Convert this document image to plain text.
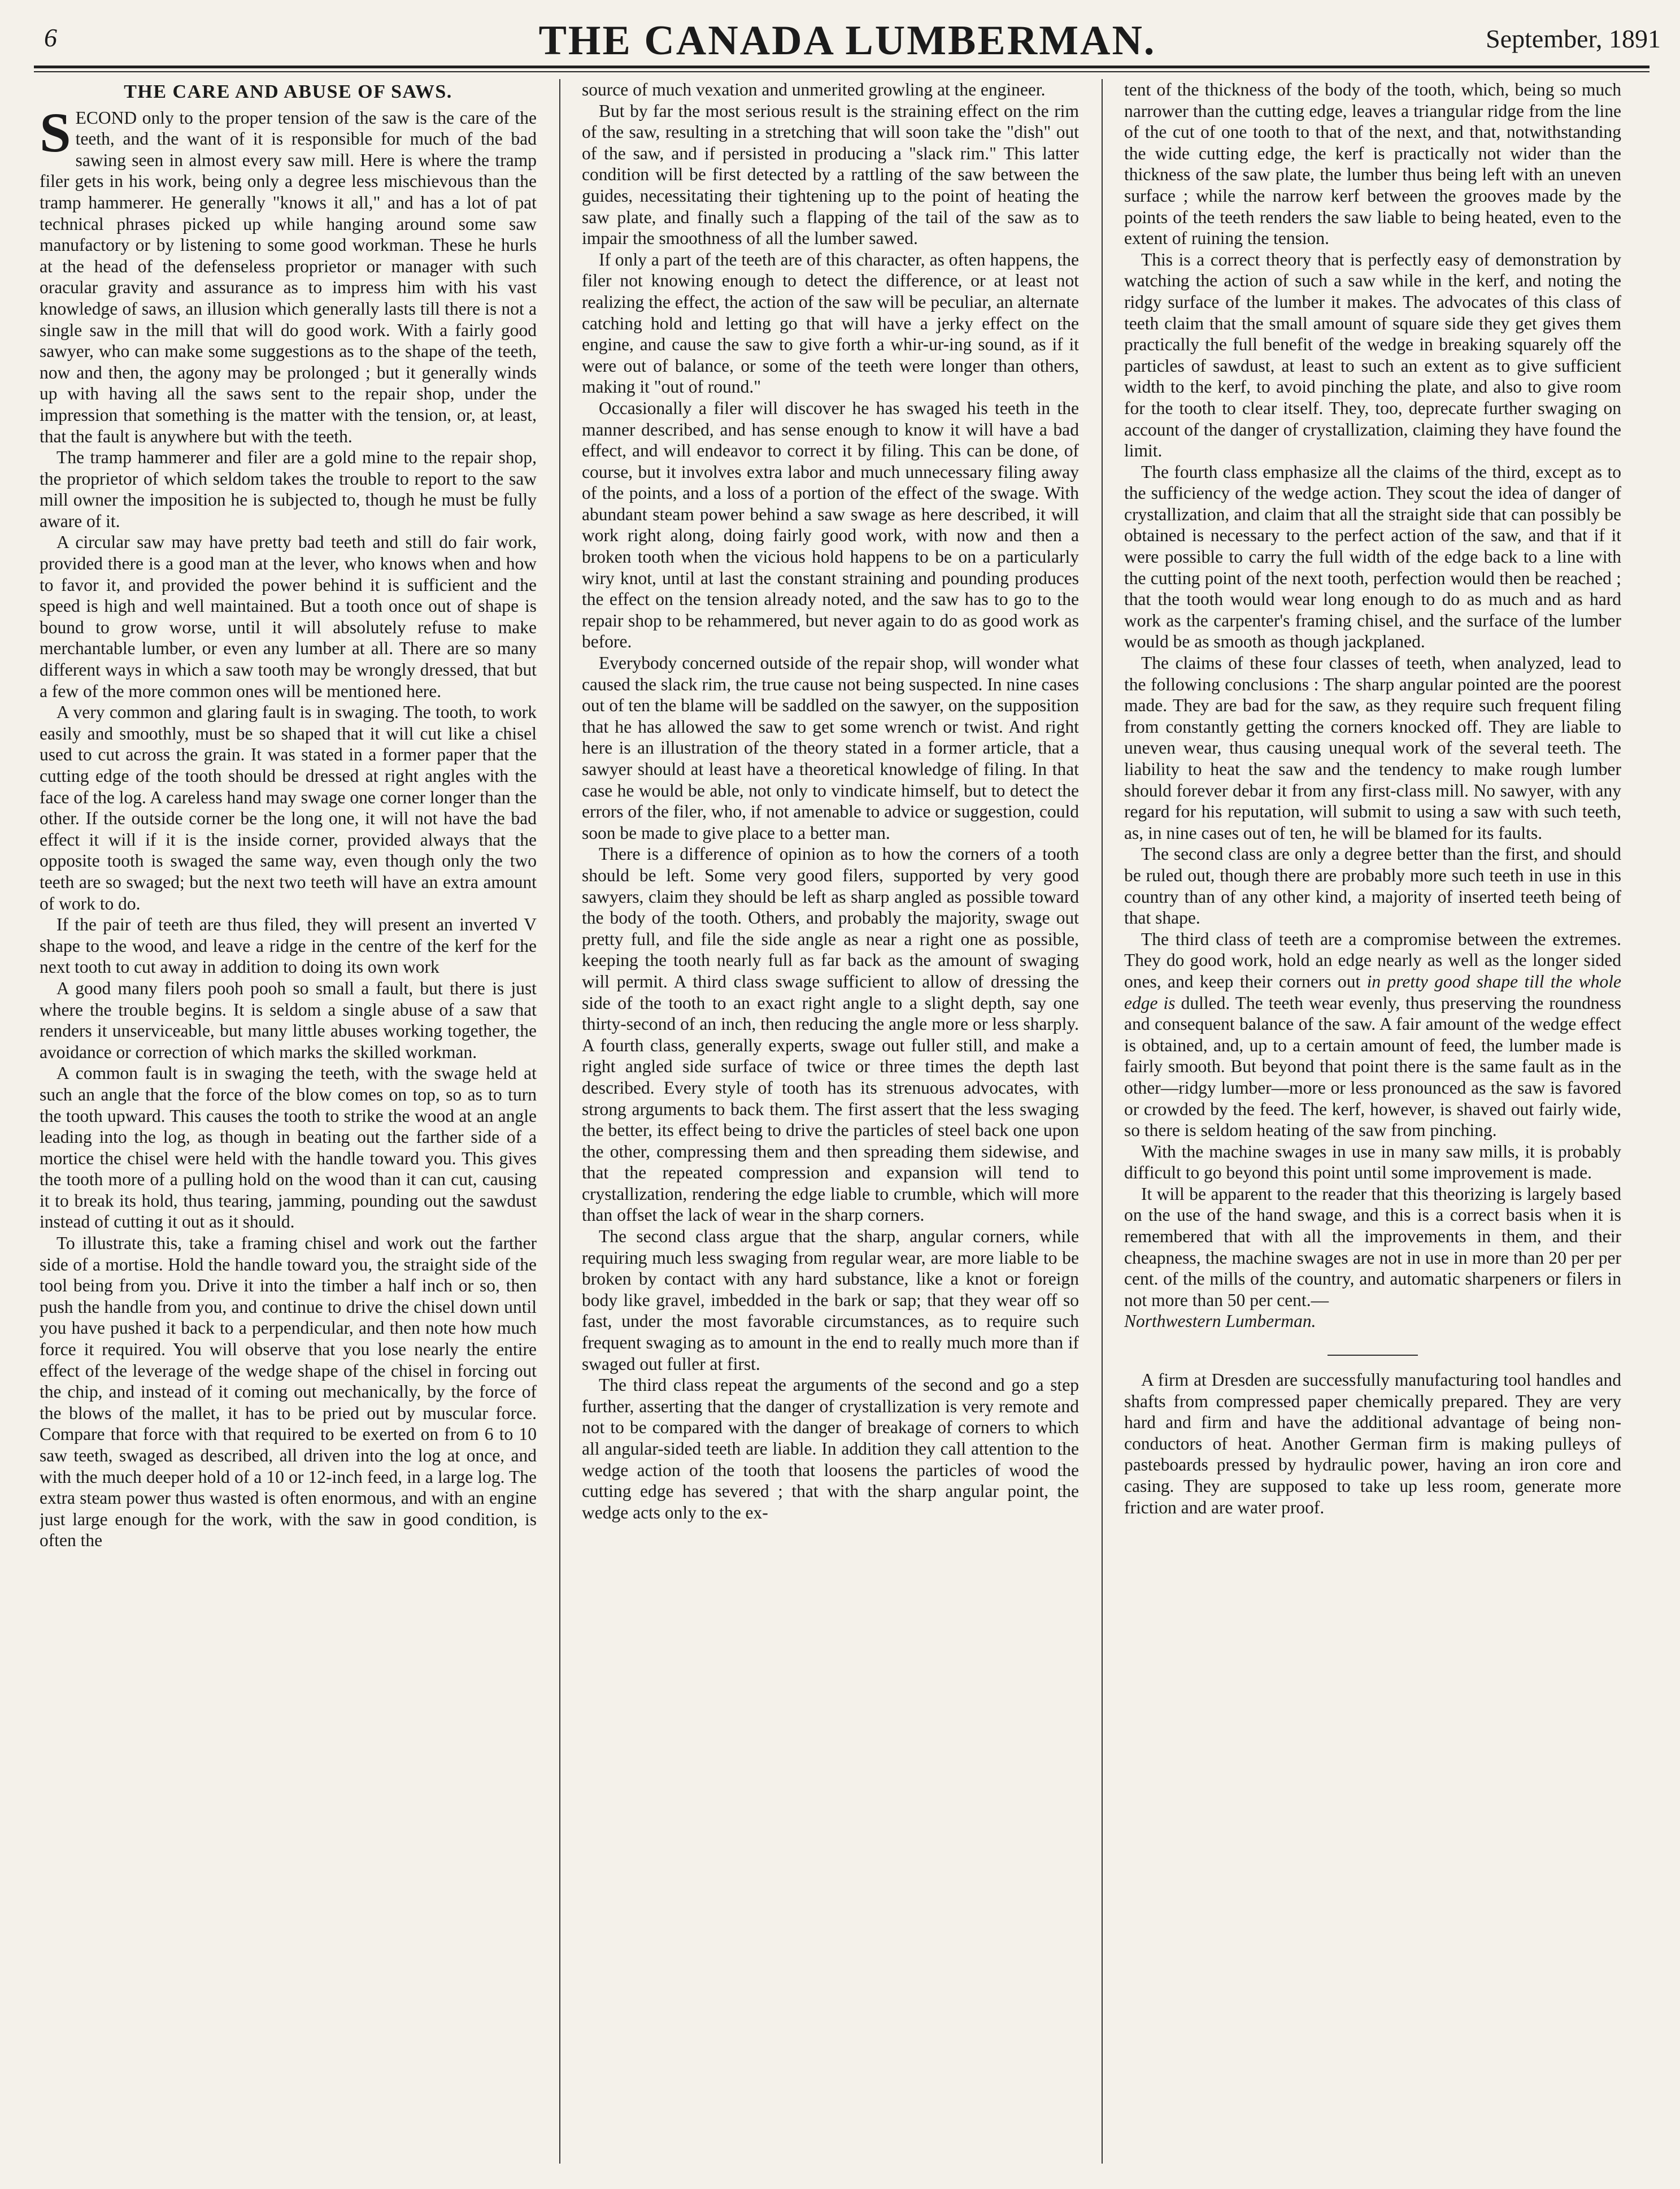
6	THE CANADA LUMBERMAN.	September, 1891
THE CARE AND ABUSE OF SAWS.

SECOND only to the proper tension of the saw is the care of the teeth, and the want of it is responsible for much of the bad sawing seen in almost every saw mill. Here is where the tramp filer gets in his work, being only a degree less mischievous than the tramp hammerer. He generally "knows it all," and has a lot of pat technical phrases picked up while hanging around some saw manufactory or by listening to some good workman. These he hurls at the head of the defenseless proprietor or manager with such oracular gravity and assurance as to impress him with his vast knowledge of saws, an illusion which generally lasts till there is not a single saw in the mill that will do good work. With a fairly good sawyer, who can make some suggestions as to the shape of the teeth, now and then, the agony may be prolonged ; but it generally winds up with having all the saws sent to the repair shop, under the impression that something is the matter with the tension, or, at least, that the fault is anywhere but with the teeth.

The tramp hammerer and filer are a gold mine to the repair shop, the proprietor of which seldom takes the trouble to report to the saw mill owner the imposition he is subjected to, though he must be fully aware of it.

A circular saw may have pretty bad teeth and still do fair work, provided there is a good man at the lever, who knows when and how to favor it, and provided the power behind it is sufficient and the speed is high and well maintained. But a tooth once out of shape is bound to grow worse, until it will absolutely refuse to make merchantable lumber, or even any lumber at all. There are so many different ways in which a saw tooth may be wrongly dressed, that but a few of the more common ones will be mentioned here.

A very common and glaring fault is in swaging. The tooth, to work easily and smoothly, must be so shaped that it will cut like a chisel used to cut across the grain. It was stated in a former paper that the cutting edge of the tooth should be dressed at right angles with the face of the log. A careless hand may swage one corner longer than the other. If the outside corner be the long one, it will not have the bad effect it will if it is the inside corner, provided always that the opposite tooth is swaged the same way, even though only the two teeth are so swaged; but the next two teeth will have an extra amount of work to do.

If the pair of teeth are thus filed, they will present an inverted V shape to the wood, and leave a ridge in the centre of the kerf for the next tooth to cut away in addition to doing its own work

A good many filers pooh pooh so small a fault, but there is just where the trouble begins. It is seldom a single abuse of a saw that renders it unserviceable, but many little abuses working together, the avoidance or correction of which marks the skilled workman.

A common fault is in swaging the teeth, with the swage held at such an angle that the force of the blow comes on top, so as to turn the tooth upward. This causes the tooth to strike the wood at an angle leading into the log, as though in beating out the farther side of a mortice the chisel were held with the handle toward you. This gives the tooth more of a pulling hold on the wood than it can cut, causing it to break its hold, thus tearing, jamming, pounding out the sawdust instead of cutting it out as it should.

To illustrate this, take a framing chisel and work out the farther side of a mortise. Hold the handle toward you, the straight side of the tool being from you. Drive it into the timber a half inch or so, then push the handle from you, and continue to drive the chisel down until you have pushed it back to a perpendicular, and then note how much force it required. You will observe that you lose nearly the entire effect of the leverage of the wedge shape of the chisel in forcing out the chip, and instead of it coming out mechanically, by the force of the blows of the mallet, it has to be pried out by muscular force. Compare that force with that required to be exerted on from 6 to 10 saw teeth, swaged as described, all driven into the log at once, and with the much deeper hold of a 10 or 12-inch feed, in a large log. The extra steam power thus wasted is often enormous, and with an engine just large enough for the work, with the saw in good condition, is often the

source of much vexation and unmerited growling at the engineer.

But by far the most serious result is the straining effect on the rim of the saw, resulting in a stretching that will soon take the "dish" out of the saw, and if persisted in producing a "slack rim." This latter condition will be first detected by a rattling of the saw between the guides, necessitating their tightening up to the point of heating the saw plate, and finally such a flapping of the tail of the saw as to impair the smoothness of all the lumber sawed.

If only a part of the teeth are of this character, as often happens, the filer not knowing enough to detect the difference, or at least not realizing the effect, the action of the saw will be peculiar, an alternate catching hold and letting go that will have a jerky effect on the engine, and cause the saw to give forth a whir-ur-ing sound, as if it were out of balance, or some of the teeth were longer than others, making it "out of round."

Occasionally a filer will discover he has swaged his teeth in the manner described, and has sense enough to know it will have a bad effect, and will endeavor to correct it by filing. This can be done, of course, but it involves extra labor and much unnecessary filing away of the points, and a loss of a portion of the effect of the swage. With abundant steam power behind a saw swage as here described, it will work right along, doing fairly good work, with now and then a broken tooth when the vicious hold happens to be on a particularly wiry knot, until at last the constant straining and pounding produces the effect on the tension already noted, and the saw has to go to the repair shop to be rehammered, but never again to do as good work as before.

Everybody concerned outside of the repair shop, will wonder what caused the slack rim, the true cause not being suspected. In nine cases out of ten the blame will be saddled on the sawyer, on the supposition that he has allowed the saw to get some wrench or twist. And right here is an illustration of the theory stated in a former article, that a sawyer should at least have a theoretical knowledge of filing. In that case he would be able, not only to vindicate himself, but to detect the errors of the filer, who, if not amenable to advice or suggestion, could soon be made to give place to a better man.

There is a difference of opinion as to how the corners of a tooth should be left. Some very good filers, supported by very good sawyers, claim they should be left as sharp angled as possible toward the body of the tooth. Others, and probably the majority, swage out pretty full, and file the side angle as near a right one as possible, keeping the tooth nearly full as far back as the amount of swaging will permit. A third class swage sufficient to allow of dressing the side of the tooth to an exact right angle to a slight depth, say one thirty-second of an inch, then reducing the angle more or less sharply. A fourth class, generally experts, swage out fuller still, and make a right angled side surface of twice or three times the depth last described. Every style of tooth has its strenuous advocates, with strong arguments to back them. The first assert that the less swaging the better, its effect being to drive the particles of steel back one upon the other, compressing them and then spreading them sidewise, and that the repeated compression and expansion will tend to crystallization, rendering the edge liable to crumble, which will more than offset the lack of wear in the sharp corners.

The second class argue that the sharp, angular corners, while requiring much less swaging from regular wear, are more liable to be broken by contact with any hard substance, like a knot or foreign body like gravel, imbedded in the bark or sap; that they wear off so fast, under the most favorable circumstances, as to require such frequent swaging as to amount in the end to really much more than if swaged out fuller at first.

The third class repeat the arguments of the second and go a step further, asserting that the danger of crystallization is very remote and not to be compared with the danger of breakage of corners to which all angular-sided teeth are liable. In addition they call attention to the wedge action of the tooth that loosens the particles of wood the cutting edge has severed ; that with the sharp angular point, the wedge acts only to the ex-

tent of the thickness of the body of the tooth, which, being so much narrower than the cutting edge, leaves a triangular ridge from the line of the cut of one tooth to that of the next, and that, notwithstanding the wide cutting edge, the kerf is practically not wider than the thickness of the saw plate, the lumber thus being left with an uneven surface ; while the narrow kerf between the grooves made by the points of the teeth renders the saw liable to being heated, even to the extent of ruining the tension.

This is a correct theory that is perfectly easy of demonstration by watching the action of such a saw while in the kerf, and noting the ridgy surface of the lumber it makes. The advocates of this class of teeth claim that the small amount of square side they get gives them practically the full benefit of the wedge in breaking squarely off the particles of sawdust, at least to such an extent as to give sufficient width to the kerf, to avoid pinching the plate, and also to give room for the tooth to clear itself. They, too, deprecate further swaging on account of the danger of crystallization, claiming they have found the limit.

The fourth class emphasize all the claims of the third, except as to the sufficiency of the wedge action. They scout the idea of danger of crystallization, and claim that all the straight side that can possibly be obtained is necessary to the perfect action of the saw, and that if it were possible to carry the full width of the edge back to a line with the cutting point of the next tooth, perfection would then be reached ; that the tooth would wear long enough to do as much and as hard work as the carpenter's framing chisel, and the surface of the lumber would be as smooth as though jackplaned.

The claims of these four classes of teeth, when analyzed, lead to the following conclusions : The sharp angular pointed are the poorest made. They are bad for the saw, as they require such frequent filing from constantly getting the corners knocked off. They are liable to uneven wear, thus causing unequal work of the several teeth. The liability to heat the saw and the tendency to make rough lumber should forever debar it from any first-class mill. No sawyer, with any regard for his reputation, will submit to using a saw with such teeth, as, in nine cases out of ten, he will be blamed for its faults.

The second class are only a degree better than the first, and should be ruled out, though there are probably more such teeth in use in this country than of any other kind, a majority of inserted teeth being of that shape.

The third class of teeth are a compromise between the extremes. They do good work, hold an edge nearly as well as the longer sided ones, and keep their corners out in pretty good shape till the whole edge is dulled. The teeth wear evenly, thus preserving the roundness and consequent balance of the saw. A fair amount of the wedge effect is obtained, and, up to a certain amount of feed, the lumber made is fairly smooth. But beyond that point there is the same fault as in the other—ridgy lumber—more or less pronounced as the saw is favored or crowded by the feed. The kerf, however, is shaved out fairly wide, so there is seldom heating of the saw from pinching.

With the machine swages in use in many saw mills, it is probably difficult to go beyond this point until some improvement is made.

It will be apparent to the reader that this theorizing is largely based on the use of the hand swage, and this is a correct basis when it is remembered that with all the improvements in them, and their cheapness, the machine swages are not in use in more than 20 per per cent. of the mills of the country, and automatic sharpeners or filers in not more than 50 per cent.—

Northwestern Lumberman.

A firm at Dresden are successfully manufacturing tool handles and shafts from compressed paper chemically prepared. They are very hard and firm and have the additional advantage of being non-conductors of heat. Another German firm is making pulleys of pasteboards pressed by hydraulic power, having an iron core and casing. They are supposed to take up less room, generate more friction and are water proof.
